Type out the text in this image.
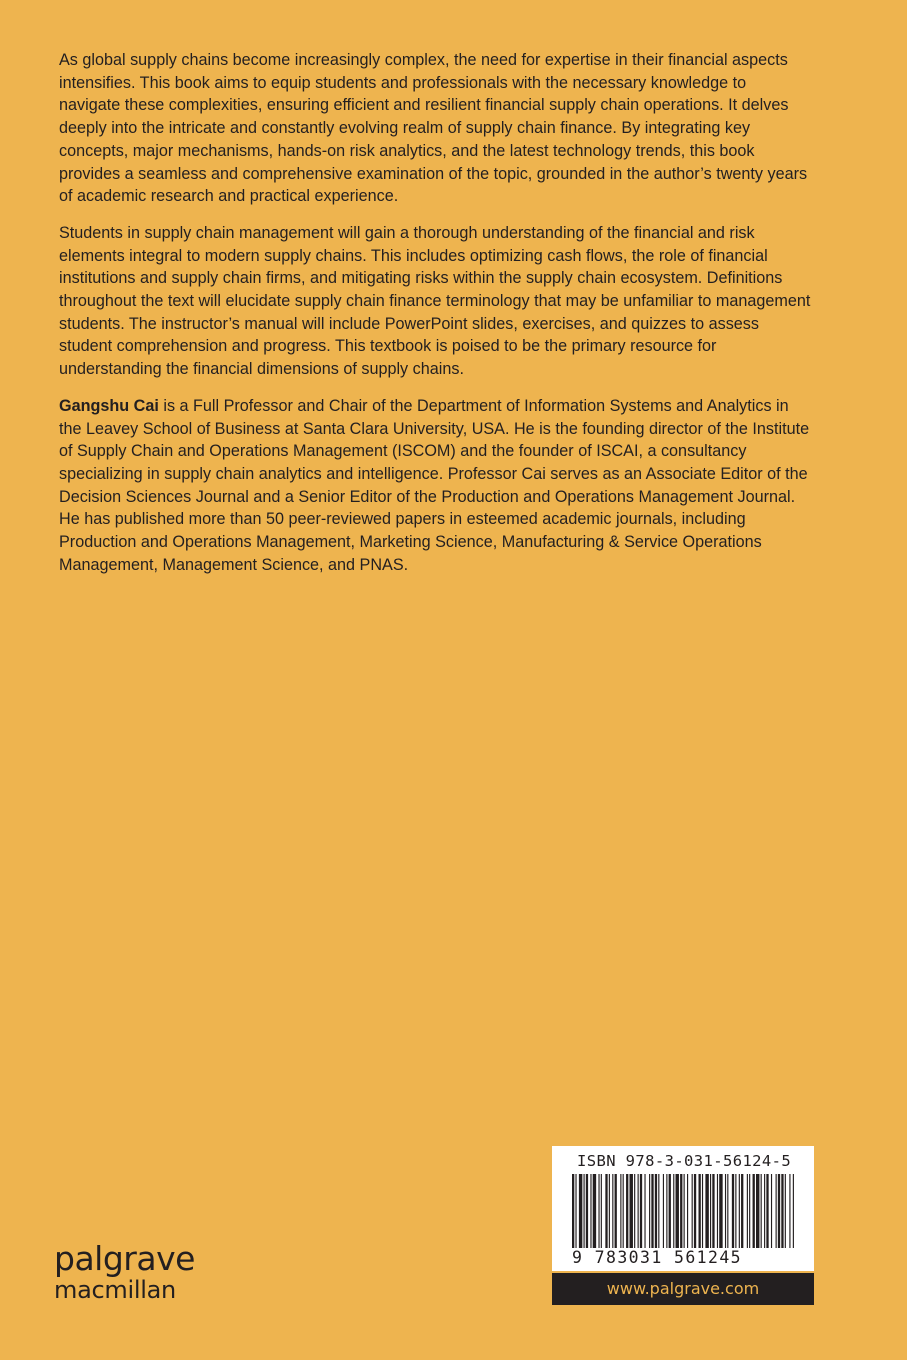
As global supply chains become increasingly complex, the need for expertise in their financial aspects intensifies. This book aims to equip students and professionals with the necessary knowledge to navigate these complexities, ensuring efficient and resilient financial supply chain operations. It delves deeply into the intricate and constantly evolving realm of supply chain finance. By integrating key concepts, major mechanisms, hands-on risk analytics, and the latest technology trends, this book provides a seamless and comprehensive examination of the topic, grounded in the author’s twenty years of academic research and practical experience.

Students in supply chain management will gain a thorough understanding of the financial and risk elements integral to modern supply chains. This includes optimizing cash flows, the role of financial institutions and supply chain firms, and mitigating risks within the supply chain ecosystem. Definitions throughout the text will elucidate supply chain finance terminology that may be unfamiliar to management students. The instructor’s manual will include PowerPoint slides, exercises, and quizzes to assess student comprehension and progress. This textbook is poised to be the primary resource for understanding the financial dimensions of supply chains.

Gangshu Cai is a Full Professor and Chair of the Department of Information Systems and Analytics in the Leavey School of Business at Santa Clara University, USA. He is the founding director of the Institute of Supply Chain and Operations Management (ISCOM) and the founder of ISCAI, a consultancy specializing in supply chain analytics and intelligence. Professor Cai serves as an Associate Editor of the Decision Sciences Journal and a Senior Editor of the Production and Operations Management Journal. He has published more than 50 peer-reviewed papers in esteemed academic journals, including Production and Operations Management, Marketing Science, Manufacturing & Service Operations Management, Management Science, and PNAS.

palgrave
macmillan
ISBN 978-3-031-56124-5
9 783031 561245
www.palgrave.com
